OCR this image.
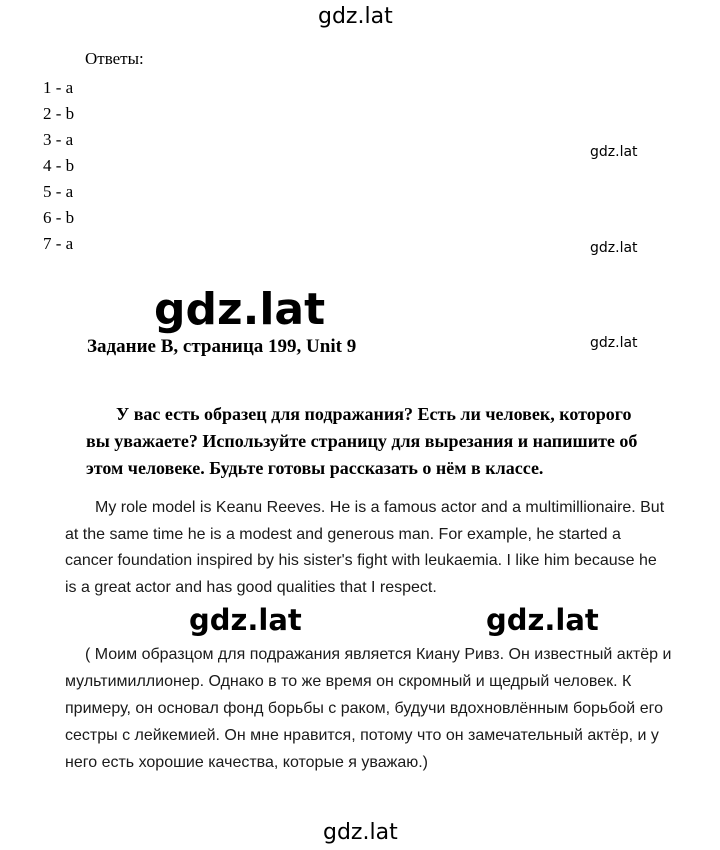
gdz.lat
gdz.lat
gdz.lat
gdz.lat
Ответы:
1 - a
2 - b
3 - a
4 - b
5 - a
6 - b
7 - a
Задание B, страница 199, Unit 9
gdz.lat

У вас есть образец для подражания? Есть ли человек, которого вы уважаете? Используйте страницу для вырезания и напишите об этом человеке. Будьте готовы рассказать о нём в классе.

My role model is Keanu Reeves. He is a famous actor and a multimillionaire. But at the same time he is a modest and generous man. For example, he started a cancer foundation inspired by his sister's fight with leukaemia. I like him because he is a great actor and has good qualities that I respect.

gdz.lat	gdz.lat

( Моим образцом для подражания является Киану Ривз. Он известный актёр и мультимиллионер. Однако в то же время он скромный и щедрый человек. К примеру, он основал фонд борьбы с раком, будучи вдохновлённым борьбой его сестры с лейкемией. Он мне нравится, потому что он замечательный актёр, и у него есть хорошие качества, которые я уважаю.)

gdz.lat
